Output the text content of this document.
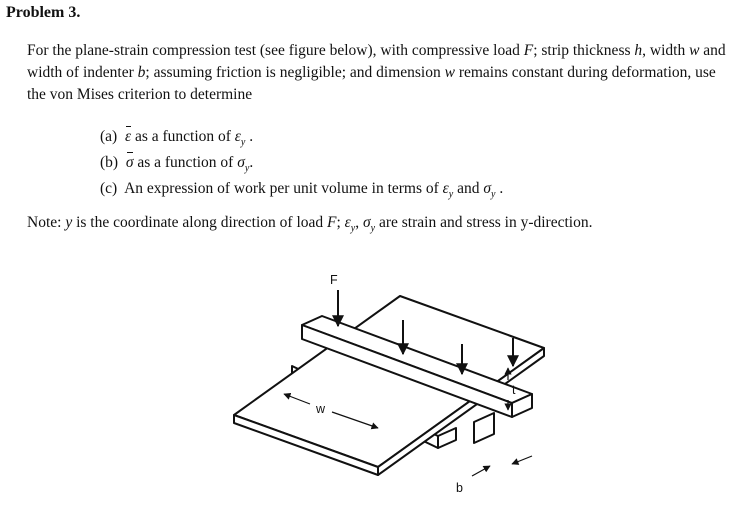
Problem 3.
For the plane-strain compression test (see figure below), with compressive load F; strip thickness h, width w and width of indenter b; assuming friction is negligible; and dimension w remains constant during deformation, use the von Mises criterion to determine
(a) ε as a function of $\varepsilon_y$ .
(b) σ as a function of $\sigma_y$.
(c) An expression of work per unit volume in terms of $\varepsilon_y$ and $\sigma_y$ .
Note: y is the coordinate along direction of load F; $\varepsilon_y$, $\sigma_y$ are strain and stress in y-direction.
F
w
t
b
